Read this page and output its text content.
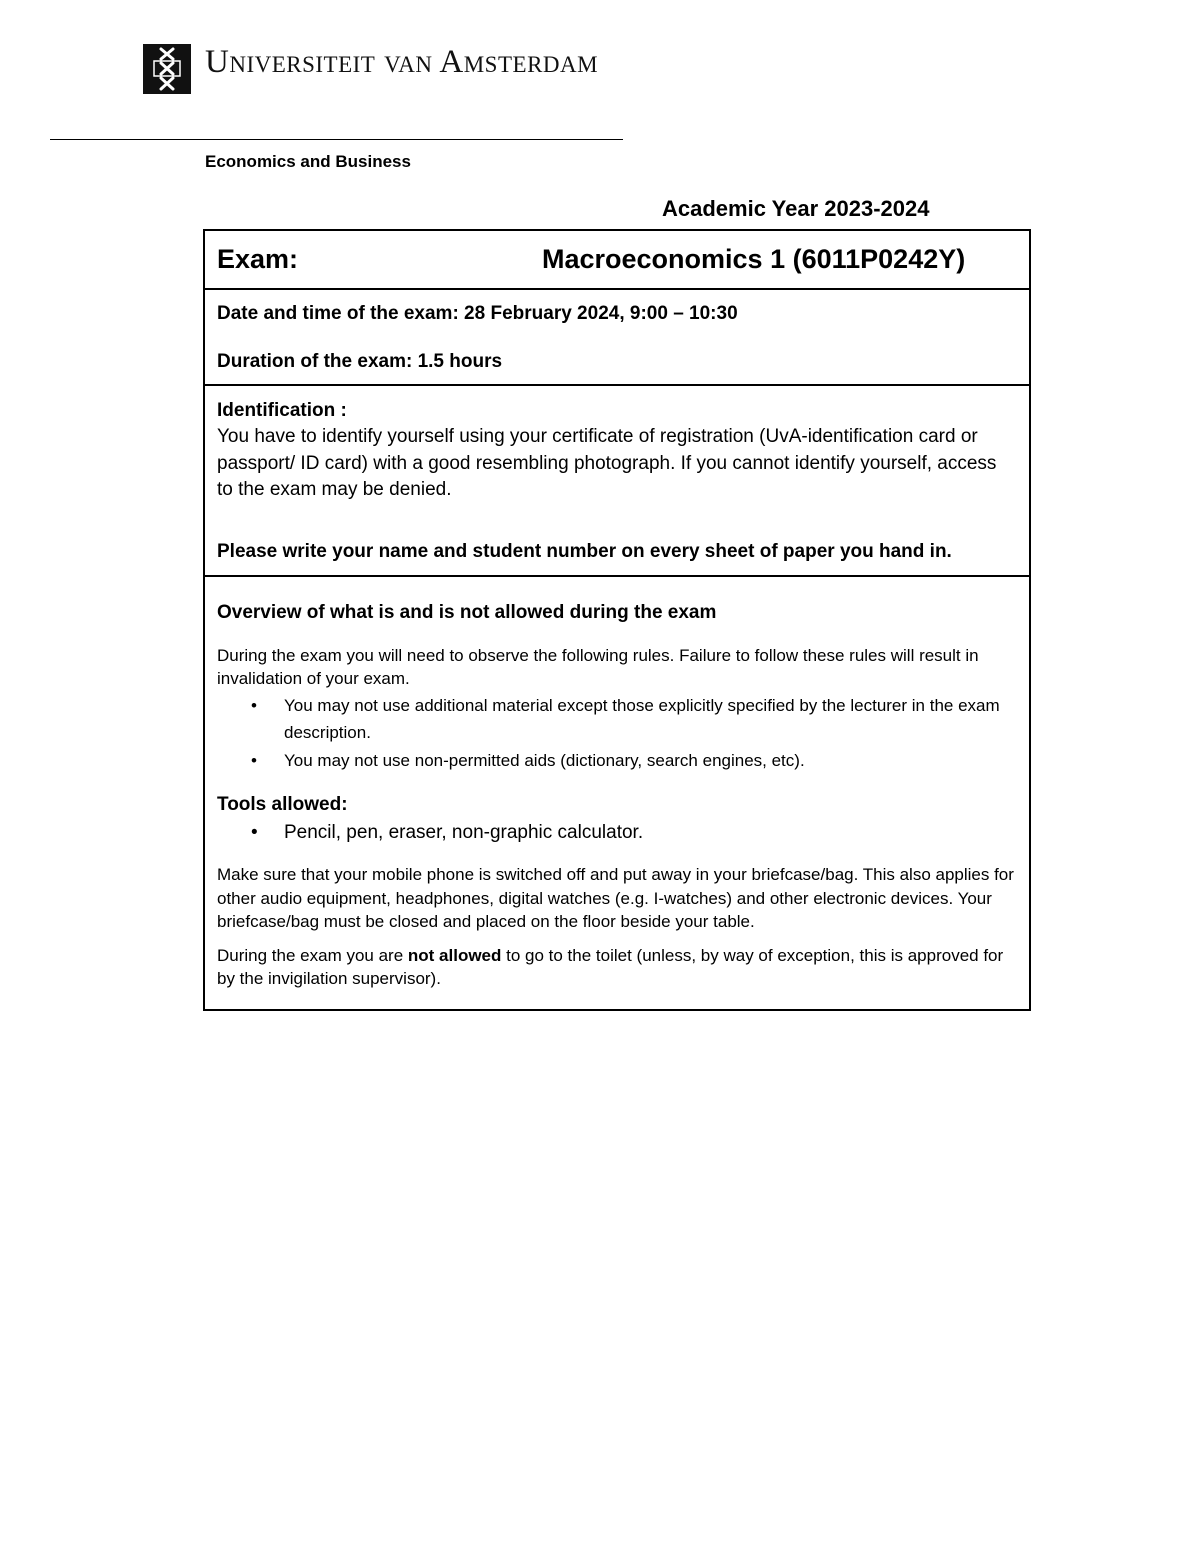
Universiteit van Amsterdam
Economics and Business
Academic Year 2023-2024
Exam:	Macroeconomics 1 (6011P0242Y)

Date and time of the exam: 28 February 2024, 9:00 – 10:30

Duration of the exam: 1.5 hours

Identification :
You have to identify yourself using your certificate of registration (UvA-identification card or passport/ ID card) with a good resembling photograph. If you cannot identify yourself, access to the exam may be denied.
Please write your name and student number on every sheet of paper you hand in.
Overview of what is and is not allowed during the exam
During the exam you will need to observe the following rules. Failure to follow these rules will result in invalidation of your exam.
• You may not use additional material except those explicitly specified by the lecturer in the exam description.
• You may not use non-permitted aids (dictionary, search engines, etc).
Tools allowed:
• Pencil, pen, eraser, non-graphic calculator.
Make sure that your mobile phone is switched off and put away in your briefcase/bag. This also applies for other audio equipment, headphones, digital watches (e.g. I-watches) and other electronic devices. Your briefcase/bag must be closed and placed on the floor beside your table.
During the exam you are not allowed to go to the toilet (unless, by way of exception, this is approved for by the invigilation supervisor).
